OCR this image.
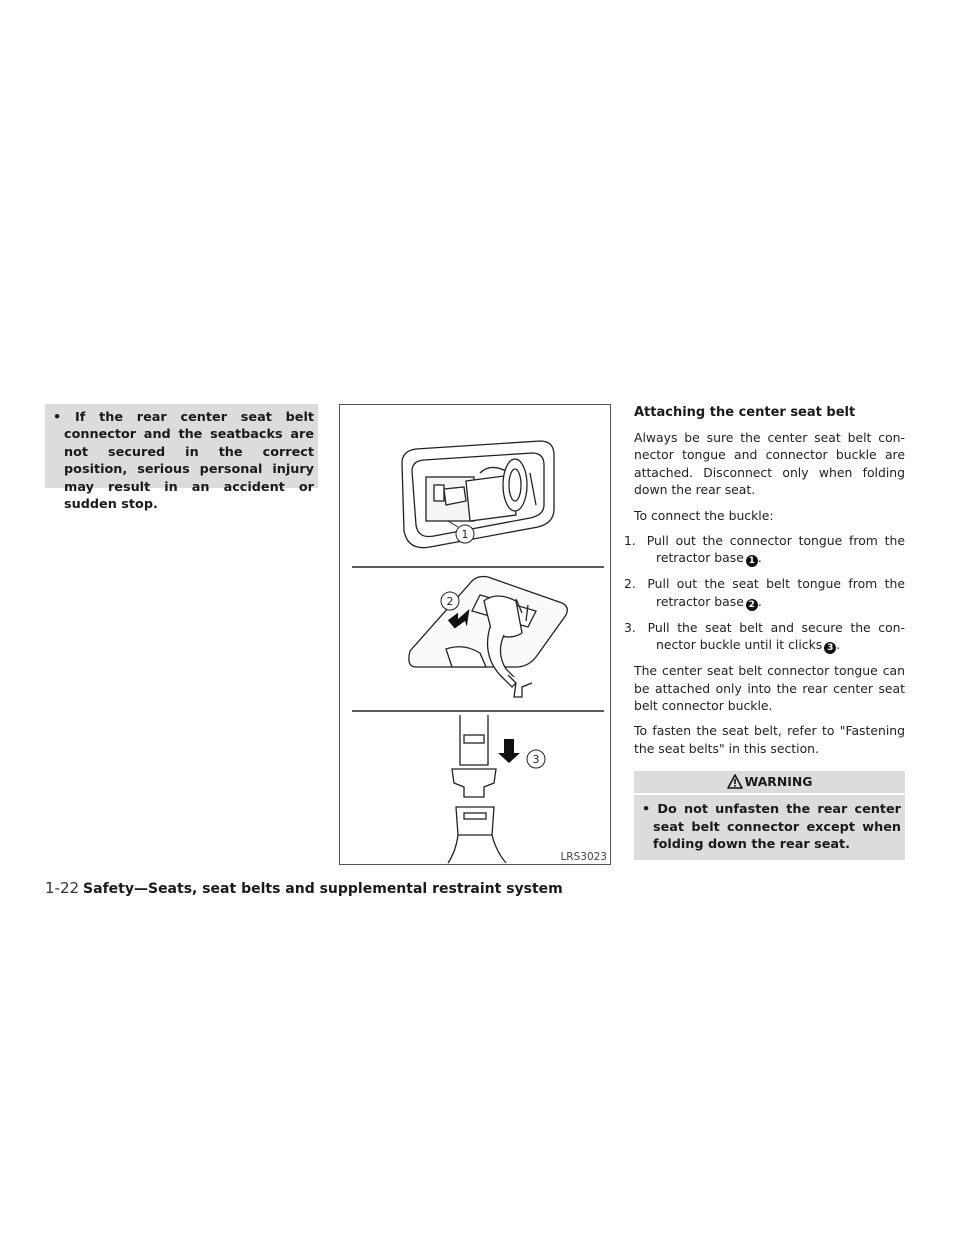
• If the rear center seat belt connector and the seatbacks are not secured in the correct position, serious personal injury may result in an accident or sudden stop.

1
2
3
LRS3023
Attaching the center seat belt

Always be sure the center seat belt con- nector tongue and connector buckle are attached. Disconnect only when folding down the rear seat.

To connect the buckle:

1. Pull out the connector tongue from the retractor base 1 .
2. Pull out the seat belt tongue from the retractor base 2 .
3. Pull the seat belt and secure the con- nector buckle until it clicks 3 .

The center seat belt connector tongue can be attached only into the rear center seat belt connector buckle.

To fasten the seat belt, refer to "Fastening the seat belts" in this section.

WARNING

• Do not unfasten the rear center seat belt connector except when folding down the rear seat.

1-22 Safety—Seats, seat belts and supplemental restraint system
